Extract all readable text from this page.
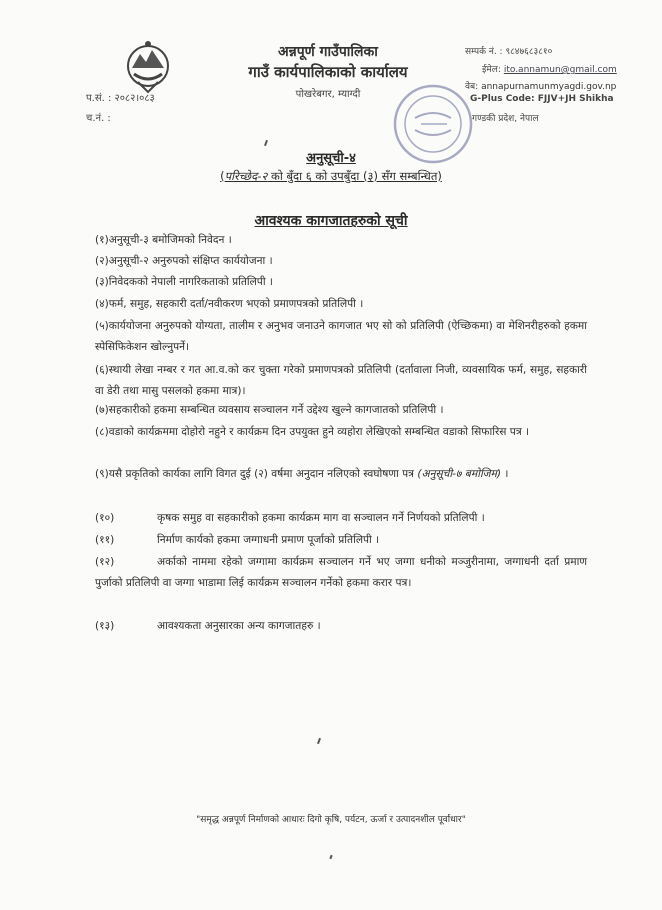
अन्नपूर्ण गाउँपालिका
गाउँ कार्यपालिकाको कार्यालय
पोखरेबगर, म्याग्दी
प.सं. : २०८२।०८३
च.नं. :
सम्पर्क नं. : ९८४७६८३८१०
ईमेल: ito.annamun@gmail.com
वेब: annapurnamunmyagdi.gov.np
G-Plus Code: FJJV+JH Shikha
गण्डकी प्रदेश, नेपाल
अनुसूची-४
(परिच्छेद-२ को बुँदा ६ को उपबुँदा (३) सँग सम्बन्धित)
आवश्यक कागजातहरुको सूची
(१)अनुसूची-३ बमोजिमको निवेदन ।
(२)अनुसूची-२ अनुरुपको संक्षिप्त कार्ययोजना ।
(३)निवेदकको नेपाली नागरिकताको प्रतिलिपी ।
(४)फर्म, समुह, सहकारी दर्ता/नवीकरण भएको प्रमाणपत्रको प्रतिलिपी ।
(५)कार्ययोजना अनुरुपको योग्यता, तालीम र अनुभव जनाउने कागजात भए सो को प्रतिलिपी (ऐच्छिकमा) वा मेशिनरीहरुको हकमा स्पेसिफिकेशन खोल्नुपर्ने।
(६)स्थायी लेखा नम्बर र गत आ.व.को कर चुक्ता गरेको प्रमाणपत्रको प्रतिलिपी (दर्तावाला निजी, व्यवसायिक फर्म, समुह, सहकारी वा डेरी तथा मासु पसलको हकमा मात्र)।
(७)सहकारीको हकमा सम्बन्धित व्यवसाय सञ्चालन गर्ने उद्देश्य खुल्ने कागजातको प्रतिलिपी ।
(८)वडाको कार्यक्रममा दोहोरो नहुने र कार्यक्रम दिन उपयुक्त हुने व्यहोरा लेखिएको सम्बन्धित वडाको सिफारिस पत्र ।
(९)यसै प्रकृतिको कार्यका लागि विगत दुई (२) वर्षमा अनुदान नलिएको स्वघोषणा पत्र (अनुसूची-७ बमोजिम) ।
(१०)	कृषक समुह वा सहकारीको हकमा कार्यक्रम माग वा सञ्चालन गर्ने निर्णयको प्रतिलिपी ।
(११)	निर्माण कार्यको हकमा जग्गाधनी प्रमाण पूर्जाको प्रतिलिपी ।
(१२)	अर्काको नाममा रहेको जग्गामा कार्यक्रम सञ्चालन गर्ने भए जग्गा धनीको मञ्जुरीनामा, जग्गाधनी दर्ता प्रमाण पुर्जाको प्रतिलिपी वा जग्गा भाडामा लिई कार्यक्रम सञ्चालन गर्नेको हकमा करार पत्र।
(१३)	आवश्यकता अनुसारका अन्य कागजातहरु ।
"समृद्ध अन्नपूर्ण निर्माणको आधारः दिगो कृषि, पर्यटन, ऊर्जा र उत्पादनशील पूर्वाधार"
